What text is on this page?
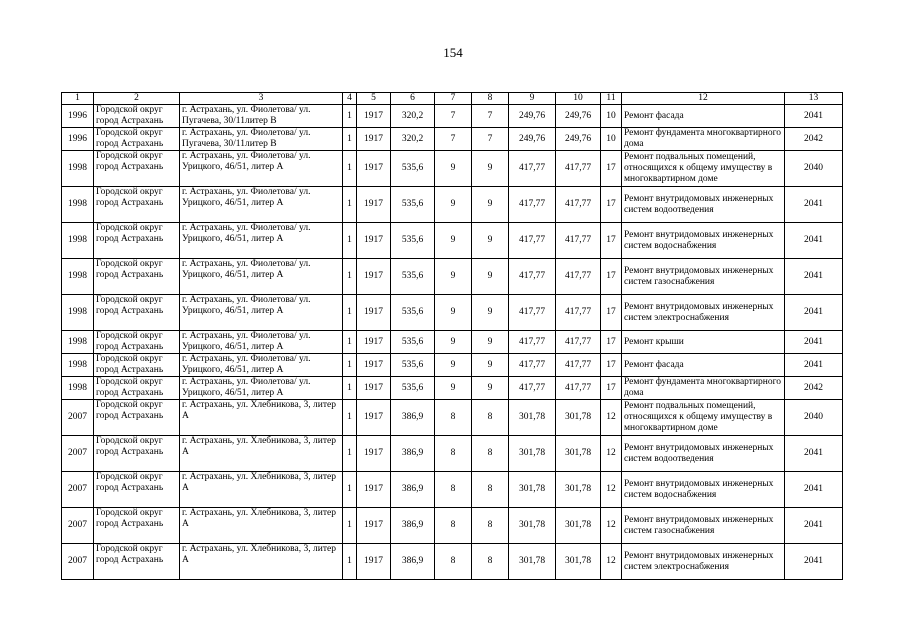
154
1	2	3	4	5	6	7	8	9	10	11	12	13
1996	Городской округ город Астрахань	г. Астрахань, ул. Фиолетова/ ул. Пугачева, 30/11литер В	1	1917	320,2	7	7	249,76	249,76	10	Ремонт фасада	2041
1996	Городской округ город Астрахань	г. Астрахань, ул. Фиолетова/ ул. Пугачева, 30/11литер В	1	1917	320,2	7	7	249,76	249,76	10	Ремонт фундамента многоквартирного дома	2042
1998	Городской округ город Астрахань	г. Астрахань, ул. Фиолетова/ ул. Урицкого, 46/51, литер А	1	1917	535,6	9	9	417,77	417,77	17	Ремонт подвальных помещений, относящихся к общему имуществу в многоквартирном доме	2040
1998	Городской округ город Астрахань	г. Астрахань, ул. Фиолетова/ ул. Урицкого, 46/51, литер А	1	1917	535,6	9	9	417,77	417,77	17	Ремонт внутридомовых инженерных систем водоотведения	2041
1998	Городской округ город Астрахань	г. Астрахань, ул. Фиолетова/ ул. Урицкого, 46/51, литер А	1	1917	535,6	9	9	417,77	417,77	17	Ремонт внутридомовых инженерных систем водоснабжения	2041
1998	Городской округ город Астрахань	г. Астрахань, ул. Фиолетова/ ул. Урицкого, 46/51, литер А	1	1917	535,6	9	9	417,77	417,77	17	Ремонт внутридомовых инженерных систем газоснабжения	2041
1998	Городской округ город Астрахань	г. Астрахань, ул. Фиолетова/ ул. Урицкого, 46/51, литер А	1	1917	535,6	9	9	417,77	417,77	17	Ремонт внутридомовых инженерных систем электроснабжения	2041
1998	Городской округ город Астрахань	г. Астрахань, ул. Фиолетова/ ул. Урицкого, 46/51, литер А	1	1917	535,6	9	9	417,77	417,77	17	Ремонт крыши	2041
1998	Городской округ город Астрахань	г. Астрахань, ул. Фиолетова/ ул. Урицкого, 46/51, литер А	1	1917	535,6	9	9	417,77	417,77	17	Ремонт фасада	2041
1998	Городской округ город Астрахань	г. Астрахань, ул. Фиолетова/ ул. Урицкого, 46/51, литер А	1	1917	535,6	9	9	417,77	417,77	17	Ремонт фундамента многоквартирного дома	2042
2007	Городской округ город Астрахань	г. Астрахань, ул. Хлебникова, 3, литер А	1	1917	386,9	8	8	301,78	301,78	12	Ремонт подвальных помещений, относящихся к общему имуществу в многоквартирном доме	2040
2007	Городской округ город Астрахань	г. Астрахань, ул. Хлебникова, 3, литер А	1	1917	386,9	8	8	301,78	301,78	12	Ремонт внутридомовых инженерных систем водоотведения	2041
2007	Городской округ город Астрахань	г. Астрахань, ул. Хлебникова, 3, литер А	1	1917	386,9	8	8	301,78	301,78	12	Ремонт внутридомовых инженерных систем водоснабжения	2041
2007	Городской округ город Астрахань	г. Астрахань, ул. Хлебникова, 3, литер А	1	1917	386,9	8	8	301,78	301,78	12	Ремонт внутридомовых инженерных систем газоснабжения	2041
2007	Городской округ город Астрахань	г. Астрахань, ул. Хлебникова, 3, литер А	1	1917	386,9	8	8	301,78	301,78	12	Ремонт внутридомовых инженерных систем электроснабжения	2041
